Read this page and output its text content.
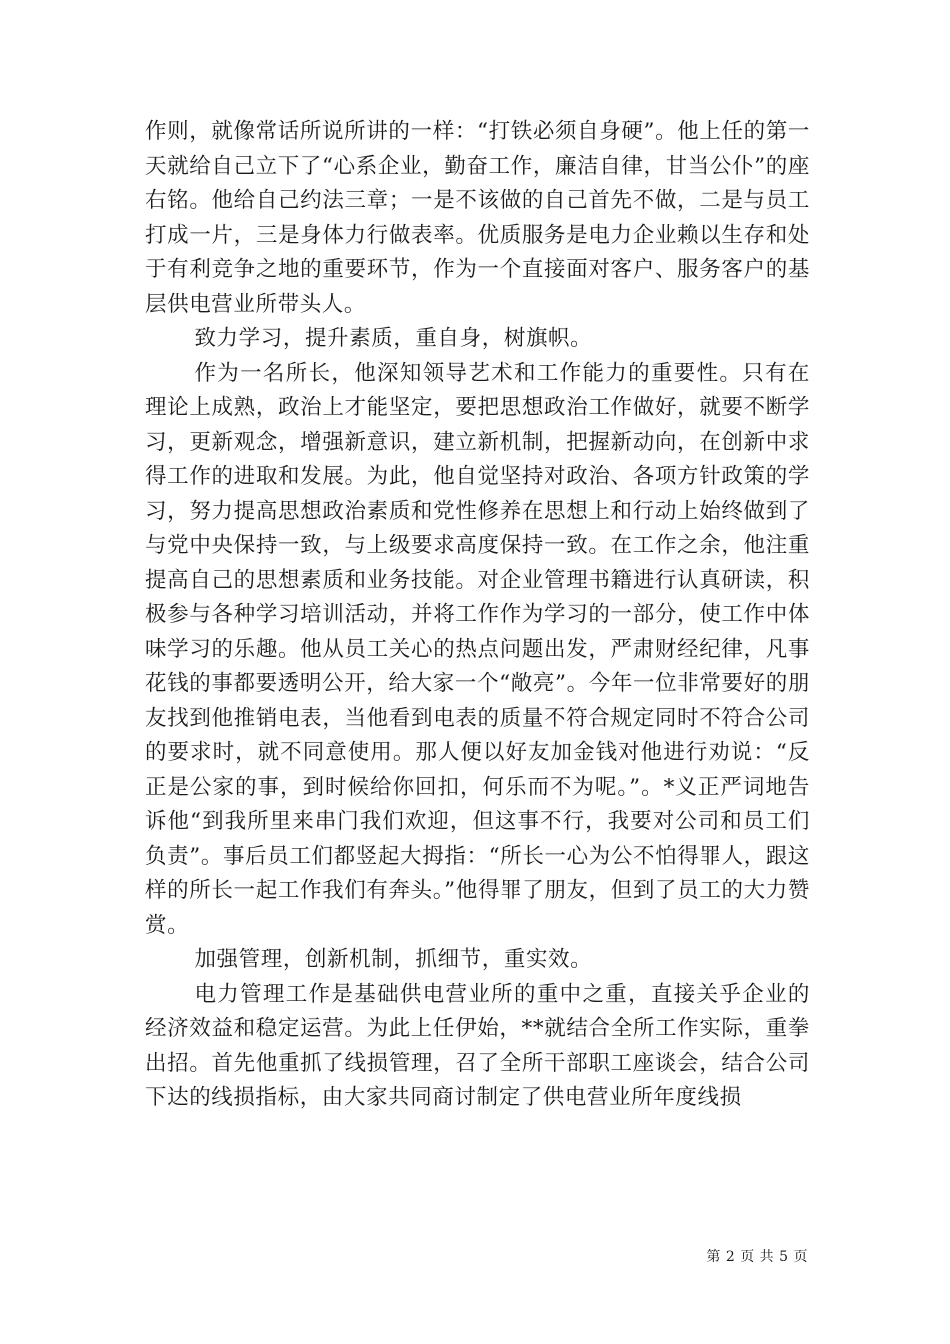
作则，就像常话所说所讲的一样：“打铁必须自身硬”。他上任的第一天就给自己立下了“心系企业，勤奋工作，廉洁自律，甘当公仆”的座右铭。他给自己约法三章；一是不该做的自己首先不做，二是与员工打成一片，三是身体力行做表率。优质服务是电力企业赖以生存和处于有利竞争之地的重要环节，作为一个直接面对客户、服务客户的基层供电营业所带头人。

致力学习，提升素质，重自身，树旗帜。

作为一名所长，他深知领导艺术和工作能力的重要性。只有在理论上成熟，政治上才能坚定，要把思想政治工作做好，就要不断学习，更新观念，增强新意识，建立新机制，把握新动向，在创新中求得工作的进取和发展。为此，他自觉坚持对政治、各项方针政策的学习，努力提高思想政治素质和党性修养在思想上和行动上始终做到了与党中央保持一致，与上级要求高度保持一致。在工作之余，他注重提高自己的思想素质和业务技能。对企业管理书籍进行认真研读，积极参与各种学习培训活动，并将工作作为学习的一部分，使工作中体味学习的乐趣。他从员工关心的热点问题出发，严肃财经纪律，凡事花钱的事都要透明公开，给大家一个“敞亮”。今年一位非常要好的朋友找到他推销电表，当他看到电表的质量不符合规定同时不符合公司的要求时，就不同意使用。那人便以好友加金钱对他进行劝说：“反正是公家的事，到时候给你回扣，何乐而不为呢。”。*义正严词地告诉他“到我所里来串门我们欢迎，但这事不行，我要对公司和员工们负责”。事后员工们都竖起大拇指：“所长一心为公不怕得罪人，跟这样的所长一起工作我们有奔头。”他得罪了朋友，但到了员工的大力赞赏。

加强管理，创新机制，抓细节，重实效。

电力管理工作是基础供电营业所的重中之重，直接关乎企业的经济效益和稳定运营。为此上任伊始，**就结合全所工作实际，重拳出招。首先他重抓了线损管理，召了全所干部职工座谈会，结合公司下达的线损指标，由大家共同商讨制定了供电营业所年度线损

第 2 页 共 5 页
